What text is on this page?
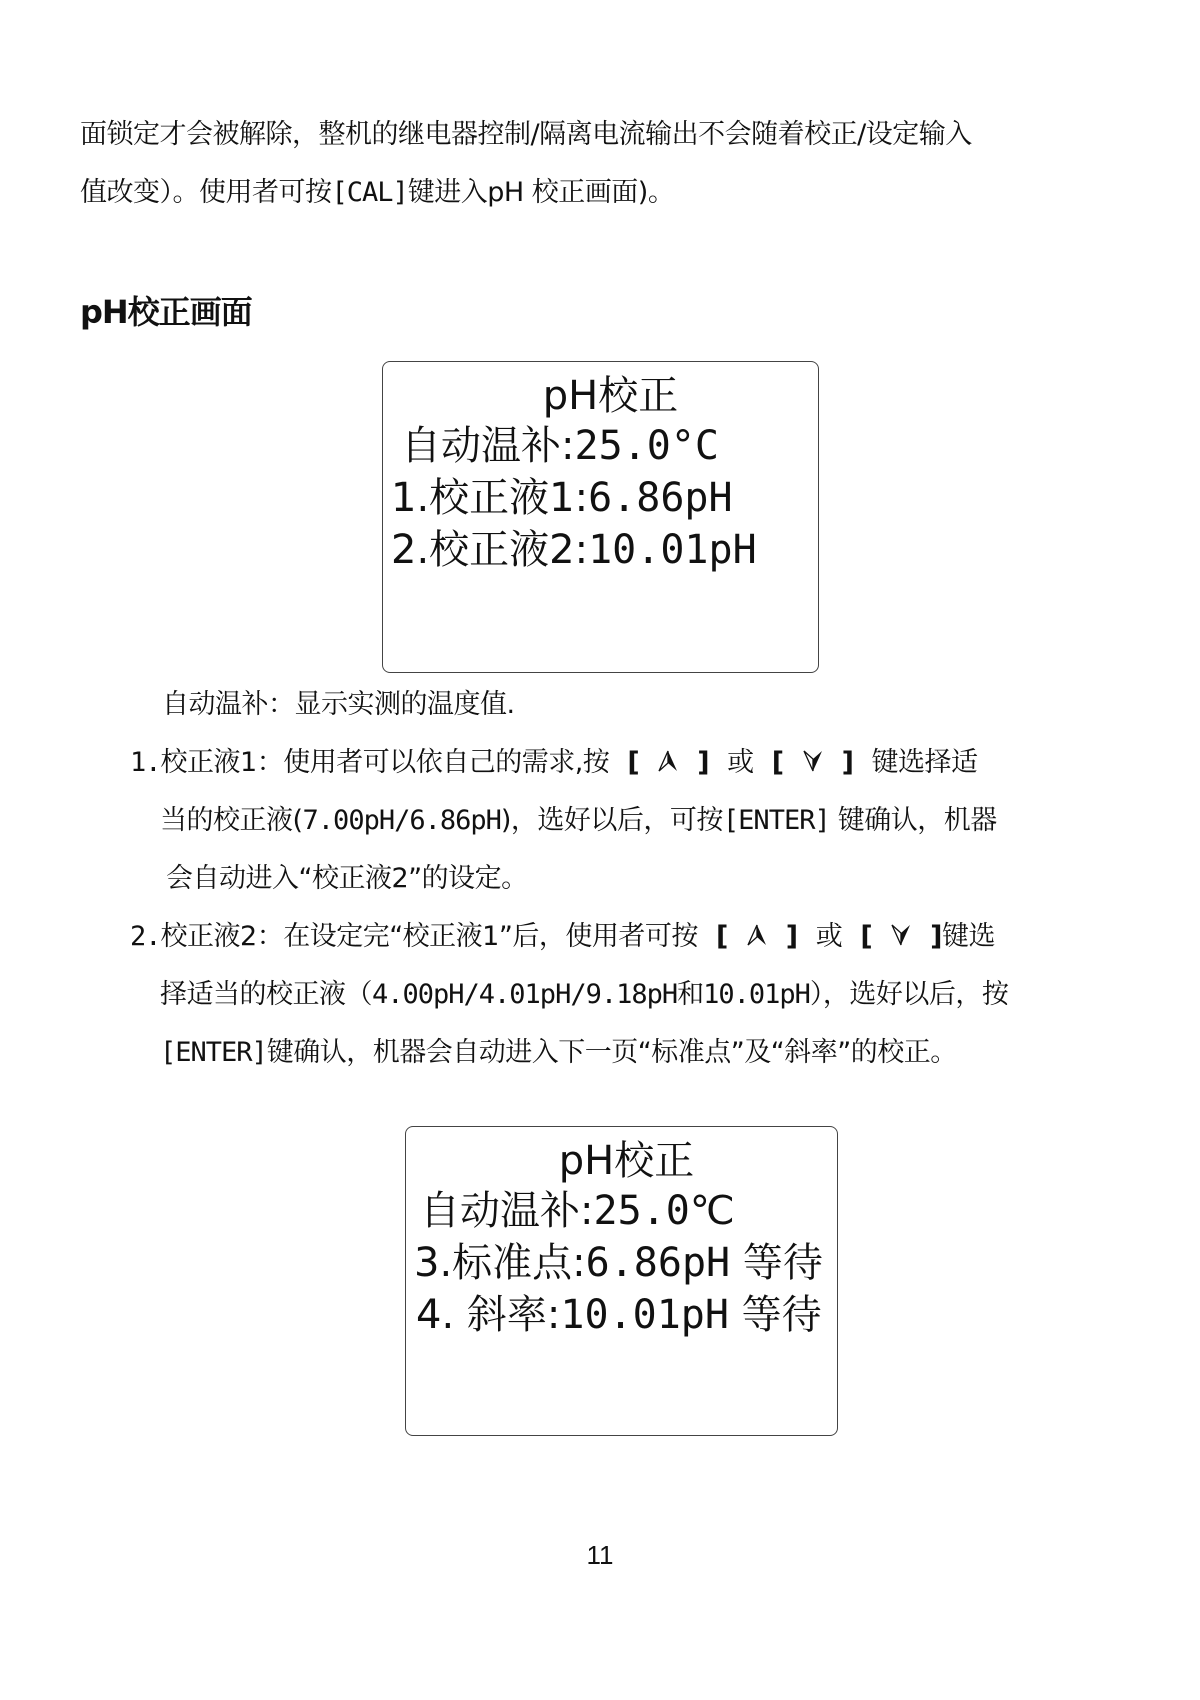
面锁定才会被解除，整机的继电器控制/隔离电流输出不会随着校正/设定输入
值改变）。使用者可按[CAL]键进入pH 校正画面)。
pH校正画面
pH校正
自动温补:25.0°C
1.校正液1:6.86pH
2.校正液2:10.01pH
自动温补：显示实测的温度值.
1.校正液1：使用者可以依自己的需求,按 [ ] 或 [ ] 键选择适
当的校正液(7.00pH/6.86pH)，选好以后，可按[ENTER] 键确认，机器
会自动进入“校正液2”的设定。
2.校正液2：在设定完“校正液1”后，使用者可按 [ ] 或 [ ]键选
择适当的校正液（4.00pH/4.01pH/9.18pH和10.01pH），选好以后，按
[ENTER]键确认，机器会自动进入下一页“标准点”及“斜率”的校正。
pH校正
自动温补:25.0℃
3.标准点:6.86pH 等待
4. 斜率:10.01pH 等待
11
